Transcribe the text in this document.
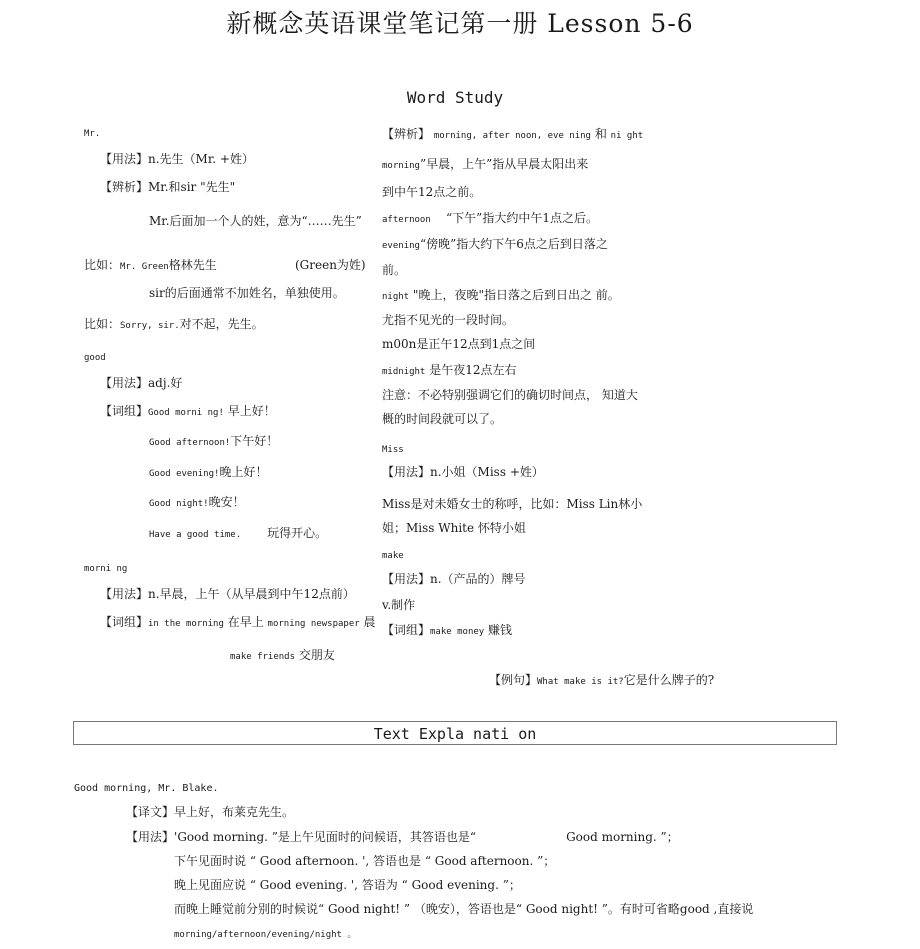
新概念英语课堂笔记第一册 Lesson 5-6
Word Study
Mr.
【用法】n.先生（Mr. +姓）
【辨析】Mr.和sir "先生"
Mr.后面加一个人的姓，意为“……先生”
比如：Mr. Green格林先生	(Green为姓)
sir的后面通常不加姓名，单独使用。
比如：Sorry, sir.对不起，先生。
good
【用法】adj.好
【词组】Good morni ng! 早上好！
Good afternoon!下午好！
Good evening!晚上好！
Good night!晚安！
Have a good time. 玩得开心。
morni ng
【用法】n.早晨，上午（从早晨到中午12点前）
【词组】in the morning 在早上 morning newspaper 晨
make friends 交朋友
【辨析】 morning, after noon, eve ning 和 ni ght
morning”早晨，上午”指从早晨太阳出来
到中午12点之前。
afternoon “下午”指大约中午1点之后。
evening“傍晚”指大约下午6点之后到日落之
前。
night "晚上，夜晚"指日落之后到日出之 前。
尤指不见光的一段时间。
m00n是正午12点到1点之间
midnight 是午夜12点左右
注意：不必特别强调它们的确切时间点， 知道大
概的时间段就可以了。
Miss
【用法】n.小姐（Miss +姓）
Miss是对未婚女士的称呼，比如：Miss Lin林小
姐；Miss White 怀特小姐
make
【用法】n.（产品的）牌号
v.制作
【词组】make money 赚钱
【例句】What make is it?它是什么牌子的?
Text Expla nati on
Good morning, Mr. Blake.
【译文】早上好，布莱克先生。
【用法】'Good morning. ”是上午见面时的问候语，其答语也是“	Good morning. ”；
下午见面时说 “ Good afternoon. ', 答语也是 “ Good afternoon. ”；
晚上见面应说 “ Good evening. ', 答语为 “ Good evening. ”；
而晚上睡觉前分别的时候说“ Good night! ” （晚安），答语也是“ Good night! ”。有时可省略good ,直接说
morning/afternoon/evening/night 。
